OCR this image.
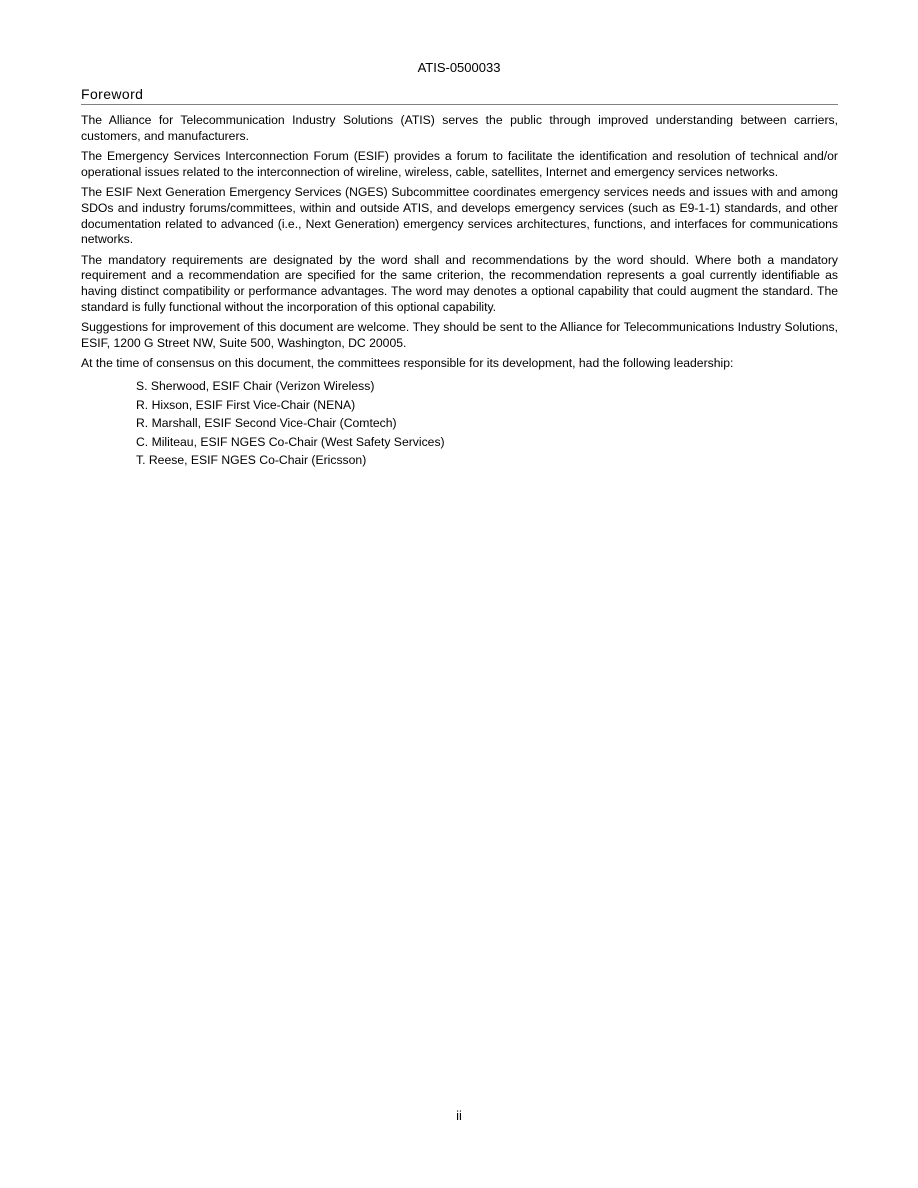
ATIS-0500033
Foreword

The Alliance for Telecommunication Industry Solutions (ATIS) serves the public through improved understanding between carriers, customers, and manufacturers.

The Emergency Services Interconnection Forum (ESIF) provides a forum to facilitate the identification and resolution of technical and/or operational issues related to the interconnection of wireline, wireless, cable, satellites, Internet and emergency services networks.

The ESIF Next Generation Emergency Services (NGES) Subcommittee coordinates emergency services needs and issues with and among SDOs and industry forums/committees, within and outside ATIS, and develops emergency services (such as E9-1-1) standards, and other documentation related to advanced (i.e., Next Generation) emergency services architectures, functions, and interfaces for communications networks.

The mandatory requirements are designated by the word shall and recommendations by the word should. Where both a mandatory requirement and a recommendation are specified for the same criterion, the recommendation represents a goal currently identifiable as having distinct compatibility or performance advantages. The word may denotes a optional capability that could augment the standard. The standard is fully functional without the incorporation of this optional capability.

Suggestions for improvement of this document are welcome. They should be sent to the Alliance for Telecommunications Industry Solutions, ESIF, 1200 G Street NW, Suite 500, Washington, DC 20005.

At the time of consensus on this document, the committees responsible for its development, had the following leadership:

S. Sherwood, ESIF Chair (Verizon Wireless)
R. Hixson, ESIF First Vice-Chair (NENA)
R. Marshall, ESIF Second Vice-Chair (Comtech)
C. Militeau, ESIF NGES Co-Chair (West Safety Services)
T. Reese, ESIF NGES Co-Chair (Ericsson)
ii
